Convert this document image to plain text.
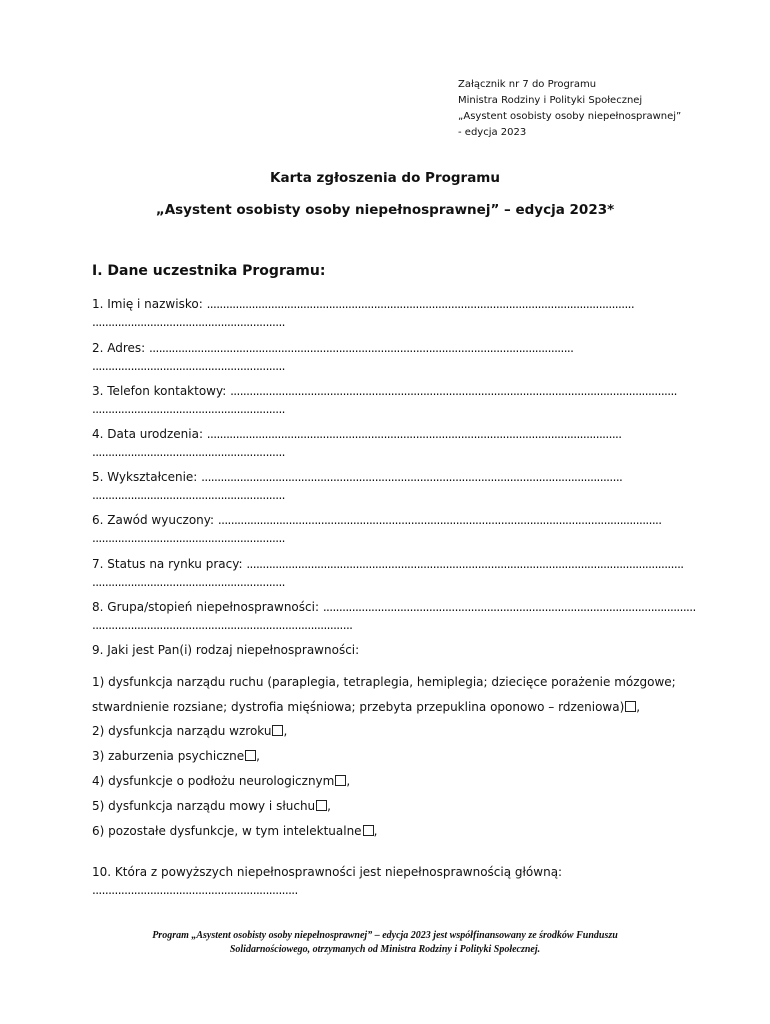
Załącznik nr 7 do Programu
Ministra Rodziny i Polityki Społecznej
„Asystent osobisty osoby niepełnosprawnej”
- edycja 2023
Karta zgłoszenia do Programu
„Asystent osobisty osoby niepełnosprawnej” – edycja 2023*
I. Dane uczestnika Programu:
1. Imię i nazwisko: .....................................................................................................................................
............................................................
2. Adres: ....................................................................................................................................
............................................................
3. Telefon kontaktowy: ...........................................................................................................................................
............................................................
4. Data urodzenia: .................................................................................................................................
............................................................
5. Wykształcenie: ...................................................................................................................................
............................................................
6. Zawód wyuczony: ..........................................................................................................................................
............................................................
7. Status na rynku pracy: ........................................................................................................................................
............................................................
8. Grupa/stopień niepełnosprawności: ....................................................................................................................
.................................................................................
9. Jaki jest Pan(i) rodzaj niepełnosprawności:
1) dysfunkcja narządu ruchu (paraplegia, tetraplegia, hemiplegia; dziecięce porażenie mózgowe;
stwardnienie rozsiane; dystrofia mięśniowa; przebyta przepuklina oponowo – rdzeniowa) ,
2) dysfunkcja narządu wzroku ,
3) zaburzenia psychiczne ,
4) dysfunkcje o podłożu neurologicznym ,
5) dysfunkcja narządu mowy i słuchu ,
6) pozostałe dysfunkcje, w tym intelektualne ,
10. Która z powyższych niepełnosprawności jest niepełnosprawnością główną:
................................................................
Program „Asystent osobisty osoby niepełnosprawnej” – edycja 2023 jest współfinansowany ze środków Funduszu
Solidarnościowego, otrzymanych od Ministra Rodziny i Polityki Społecznej.
